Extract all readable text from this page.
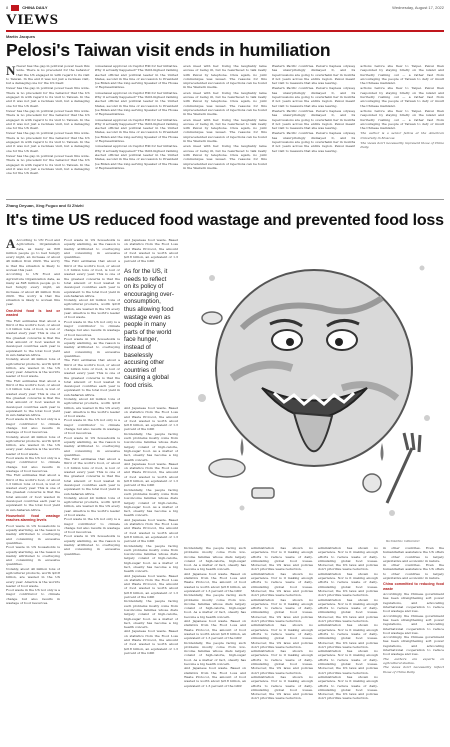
8	CHINA DAILY	Wednesday, August 17, 2022
VIEWS
Martin Jacques
Pelosi's Taiwan visit ends in humiliation
N Never has the gap in political power been this wide. There is no precedent for the behavior that the US engaged in with regard to its visit to Taiwan. In the end it was not just a reckless visit, but a damaging one for the US itself.

Never has the gap in political power been this wide. There is no precedent for the behavior that the US engaged in with regard to its visit to Taiwan. In the end it was not just a reckless visit, but a damaging one for the US itself.

Never has the gap in political power been this wide. There is no precedent for the behavior that the US engaged in with regard to its visit to Taiwan. In the end it was not just a reckless visit, but a damaging one for the US itself.

Never has the gap in political power been this wide. There is no precedent for the behavior that the US engaged in with regard to its visit to Taiwan. In the end it was not just a reckless visit, but a damaging one for the US itself.

Never has the gap in political power been this wide. There is no precedent for the behavior that the US engaged in with regard to its visit to Taiwan. In the end it was not just a reckless visit, but a damaging one for the US itself.

consensual approval on Capitol Hill for her initiative. Why it actually happened? The third-highest ranking elected official and political leader in the United States, second in the line of succession to President Joe Biden and the long-serving Speaker of the House of Representatives.

consensual approval on Capitol Hill for her initiative. Why it actually happened? The third-highest ranking elected official and political leader in the United States, second in the line of succession to President Joe Biden and the long-serving Speaker of the House of Representatives.

consensual approval on Capitol Hill for her initiative. Why it actually happened? The third-highest ranking elected official and political leader in the United States, second in the line of succession to President Joe Biden and the long-serving Speaker of the House of Representatives.

consensual approval on Capitol Hill for her initiative. Why it actually happened? The third-highest ranking elected official and political leader in the United States, second in the line of succession to President Joe Biden and the long-serving Speaker of the House of Representatives.

even meet with her. Using the laughably lame excuse of being ill, but he resurfaced to talk really with Pelosi by telephone. Once again, no joint communique was issued. The reasons for this unprecedented succession of rejections can be found in the Western media.

even meet with her. Using the laughably lame excuse of being ill, but he resurfaced to talk really with Pelosi by telephone. Once again, no joint communique was issued. The reasons for this unprecedented succession of rejections can be found in the Western media.

even meet with her. Using the laughably lame excuse of being ill, but he resurfaced to talk really with Pelosi by telephone. Once again, no joint communique was issued. The reasons for this unprecedented succession of rejections can be found in the Western media.

even meet with her. Using the laughably lame excuse of being ill, but he resurfaced to talk really with Pelosi by telephone. Once again, no joint communique was issued. The reasons for this unprecedented succession of rejections can be found in the Western media.

Western Pacific countries. Pelosi's hapless odyssey has unsurprisingly dismayed it, and its repercussions are going to overwhelm her in months if not years across the entire region. Pelosi meant her visit to reassure that she was leaving.

Western Pacific countries. Pelosi's hapless odyssey has unsurprisingly dismayed it, and its repercussions are going to overwhelm her in months if not years across the entire region. Pelosi meant her visit to reassure that she was leaving.

Western Pacific countries. Pelosi's hapless odyssey has unsurprisingly dismayed it, and its repercussions are going to overwhelm her in months if not years across the entire region. Pelosi meant her visit to reassure that she was leaving.

Western Pacific countries. Pelosi's hapless odyssey has unsurprisingly dismayed it, and its repercussions are going to overwhelm her in months if not years across the entire region. Pelosi meant her visit to reassure that she was leaving.

actions before she flew to Taipei. Pelosi then responded by staying briefly on the island and hurriedly rushing out — a rather fast from encouraging the people of Taiwan to defy or insult the Chinese mainland.

actions before she flew to Taipei. Pelosi then responded by staying briefly on the island and hurriedly rushing out — a rather fast from encouraging the people of Taiwan to defy or insult the Chinese mainland.

actions before she flew to Taipei. Pelosi then responded by staying briefly on the island and hurriedly rushing out — a rather fast from encouraging the people of Taiwan to defy or insult the Chinese mainland.

The author is a senior fellow at the American University in Moscow.

The views don't necessarily represent those of China Daily.

Zhang Deyuan, Xing Fuguo and Si Zhizhi
It's time US reduced food wastage and prevented food loss
A According to UN Food and Agriculture Organization data, as many as 828 million people go to bed hungry every night, an increase of about 46 million from 2020. The worry is that the situation is likely to worsen this year.

According to UN Food and Agriculture Organization data, as many as 828 million people go to bed hungry every night, an increase of about 46 million from 2020. The worry is that the situation is likely to worsen this year.

One-third food is lost or wasted

The FAO estimates that about a third of the world's food, or about 1.3 billion tons of food, is lost or wasted every year. This is one of the greatest concerns is that the total amount of food wasted in developed countries each year is equivalent to the total food yield in sub-Saharan Africa.

Notably, about 40 million tons of agricultural products, worth $218 billion, are wasted in the US every year. America is the world's leader of food waste.

The FAO estimates that about a third of the world's food, or about 1.3 billion tons of food, is lost or wasted every year. This is one of the greatest concerns is that the total amount of food wasted in developed countries each year is equivalent to the total food yield in sub-Saharan Africa.

Food waste in the US not only is a major contributor to climate change but also results in wastage of food resources.

Notably, about 40 million tons of agricultural products, worth $218 billion, are wasted in the US every year. America is the world's leader of food waste.

Food waste in the US not only is a major contributor to climate change but also results in wastage of food resources.

The FAO estimates that about a third of the world's food, or about 1.3 billion tons of food, is lost or wasted every year. This is one of the greatest concerns is that the total amount of food wasted in developed countries each year is equivalent to the total food yield in sub-Saharan Africa.

Household food wastage reaches alarming levels

Food waste in US households is equally alarming, as the reason is mainly attributed to overbuying and consuming in excessive quantities.

Food waste in US households is equally alarming, as the reason is mainly attributed to overbuying and consuming in excessive quantities.

Notably, about 40 million tons of agricultural products, worth $218 billion, are wasted in the US every year. America is the world's leader of food waste.

Food waste in the US not only is a major contributor to climate change but also results in wastage of food resources.

Food waste in US households is equally alarming, as the reason is mainly attributed to overbuying and consuming in excessive quantities.

The FAO estimates that about a third of the world's food, or about 1.3 billion tons of food, is lost or wasted every year. This is one of the greatest concerns is that the total amount of food wasted in developed countries each year is equivalent to the total food yield in sub-Saharan Africa.

Notably, about 40 million tons of agricultural products, worth $218 billion, are wasted in the US every year. America is the world's leader of food waste.

Food waste in the US not only is a major contributor to climate change but also results in wastage of food resources.

Food waste in US households is equally alarming, as the reason is mainly attributed to overbuying and consuming in excessive quantities.

The FAO estimates that about a third of the world's food, or about 1.3 billion tons of food, is lost or wasted every year. This is one of the greatest concerns is that the total amount of food wasted in developed countries each year is equivalent to the total food yield in sub-Saharan Africa.

Notably, about 40 million tons of agricultural products, worth $218 billion, are wasted in the US every year. America is the world's leader of food waste.

Food waste in the US not only is a major contributor to climate change but also results in wastage of food resources.

Food waste in US households is equally alarming, as the reason is mainly attributed to overbuying and consuming in excessive quantities.

The FAO estimates that about a third of the world's food, or about 1.3 billion tons of food, is lost or wasted every year. This is one of the greatest concerns is that the total amount of food wasted in developed countries each year is equivalent to the total food yield in sub-Saharan Africa.

Notably, about 40 million tons of agricultural products, worth $218 billion, are wasted in the US every year. America is the world's leader of food waste.

Food waste in the US not only is a major contributor to climate change but also results in wastage of food resources.

Food waste in US households is equally alarming, as the reason is mainly attributed to overbuying and consuming in excessive quantities.

And Japanese food waste. Based on statistics from the Food Loss and Waste Protocol, the amount of food wasted is worth about $218 billion, an equivalent of 1.3 percent of the GDP.

MA XUEJING / CHINA DAILY
As for the US, it needs to reflect on its policy of encouraging over-consumption, thus allowing food wastage even as people in many parts of the world face hunger, instead of baselessly accusing other countries of causing a global food crisis.

And Japanese food waste. Based on statistics from the Food Loss and Waste Protocol, the amount of food wasted is worth about $218 billion, an equivalent of 1.3 percent of the GDP.

Incidentally, the people facing such problems mostly come from low-income families whose diets largely consist of high-calorie, high-sugar food. As a matter of fact, obesity has become a big health concern.

And Japanese food waste. Based on statistics from the Food Loss and Waste Protocol, the amount of food wasted is worth about $218 billion, an equivalent of 1.3 percent of the GDP.

Incidentally, the people facing such problems mostly come from low-income families whose diets largely consist of high-calorie, high-sugar food. As a matter of fact, obesity has become a big health concern.

And Japanese food waste. Based on statistics from the Food Loss and Waste Protocol, the amount of food wasted is worth about $218 billion, an equivalent of 1.3 percent of the GDP.

Incidentally, the people facing such problems mostly come from low-income families whose diets largely consist of high-calorie, high-sugar food. As a matter of fact, obesity has become a big health concern.

And Japanese food waste. Based on statistics from the Food Loss and Waste Protocol, the amount of food wasted is worth about $218 billion, an equivalent of 1.3 percent of the GDP.

Incidentally, the people facing such problems mostly come from low-income families whose diets largely consist of high-calorie, high-sugar food. As a matter of fact, obesity has become a big health concern.

And Japanese food waste. Based on statistics from the Food Loss and Waste Protocol, the amount of food wasted is worth about $218 billion, an equivalent of 1.3 percent of the GDP.

Incidentally, the people facing such problems mostly come from low-income families whose diets largely consist of high-calorie, high-sugar food. As a matter of fact, obesity has become a big health concern.

And Japanese food waste. Based on statistics from the Food Loss and Waste Protocol, the amount of food wasted is worth about $218 billion, an equivalent of 1.3 percent of the GDP.

Incidentally, the people facing such problems mostly come from low-income families whose diets largely consist of high-calorie, high-sugar food. As a matter of fact, obesity has become a big health concern.

And Japanese food waste. Based on statistics from the Food Loss and Waste Protocol, the amount of food wasted is worth about $218 billion, an equivalent of 1.3 percent of the GDP.

Incidentally, the people facing such problems mostly come from low-income families whose diets largely consist of high-calorie, high-sugar food. As a matter of fact, obesity has become a big health concern.

And Japanese food waste. Based on statistics from the Food Loss and Waste Protocol, the amount of food wasted is worth about $218 billion, an equivalent of 1.3 percent of the GDP.

administration has shown no experience. Nor is it making enough efforts to reduce waste of daily-stimulating global food losses. Moreover, the US laws and policies don't prioritize waste reduction.

administration has shown no experience. Nor is it making enough efforts to reduce waste of daily-stimulating global food losses. Moreover, the US laws and policies don't prioritize waste reduction.

administration has shown no experience. Nor is it making enough efforts to reduce waste of daily-stimulating global food losses. Moreover, the US laws and policies don't prioritize waste reduction.

administration has shown no experience. Nor is it making enough efforts to reduce waste of daily-stimulating global food losses. Moreover, the US laws and policies don't prioritize waste reduction.

administration has shown no experience. Nor is it making enough efforts to reduce waste of daily-stimulating global food losses. Moreover, the US laws and policies don't prioritize waste reduction.

administration has shown no experience. Nor is it making enough efforts to reduce waste of daily-stimulating global food losses. Moreover, the US laws and policies don't prioritize waste reduction.

administration has shown no experience. Nor is it making enough efforts to reduce waste of daily-stimulating global food losses. Moreover, the US laws and policies don't prioritize waste reduction.

administration has shown no experience. Nor is it making enough efforts to reduce waste of daily-stimulating global food losses. Moreover, the US laws and policies don't prioritize waste reduction.

administration has shown no experience. Nor is it making enough efforts to reduce waste of daily-stimulating global food losses. Moreover, the US laws and policies don't prioritize waste reduction.

administration has shown no experience. Nor is it making enough efforts to reduce waste of daily-stimulating global food losses. Moreover, the US laws and policies don't prioritize waste reduction.

administration has shown no experience. Nor is it making enough efforts to reduce waste of daily-stimulating global food losses. Moreover, the US laws and policies don't prioritize waste reduction.

administration has shown no experience. Nor is it making enough efforts to reduce waste of daily-stimulating global food losses. Moreover, the US laws and policies don't prioritize waste reduction.

in other countries. Even the humanitarian assistance the US offers to other countries is largely exploitative and economic in nature.

in other countries. Even the humanitarian assistance the US offers to other countries is largely exploitative and economic in nature.

China committed to reducing food waste

Accordingly, the Chinese government has been strengthening soft power regulations, and advocating international cooperation to reduce food wastage and loss.

Accordingly, the Chinese government has been strengthening soft power regulations, and advocating international cooperation to reduce food wastage and loss.

Accordingly, the Chinese government has been strengthening soft power regulations, and advocating international cooperation to reduce food wastage and loss.

The authors are experts on agricultural studies.

The views don't necessarily reflect those of China Daily.
